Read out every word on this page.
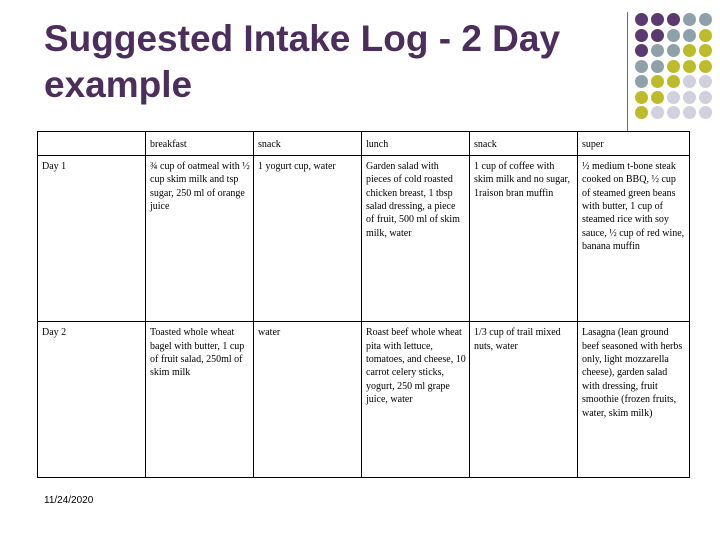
Suggested Intake Log - 2 Day example
	breakfast	snack	lunch	snack	super
Day 1	¾ cup of oatmeal with ½ cup skim milk and tsp sugar, 250 ml of orange juice	1 yogurt cup, water	Garden salad with pieces of cold roasted chicken breast, 1 tbsp salad dressing, a piece of fruit, 500 ml of skim milk, water	1 cup of coffee with skim milk and no sugar, 1raison bran muffin	½ medium t-bone steak cooked on BBQ, ½ cup of steamed green beans with butter, 1 cup of steamed rice with soy sauce, ½ cup of red wine, banana muffin
Day 2	Toasted whole wheat bagel with butter, 1 cup of fruit salad, 250ml of skim milk	water	Roast beef whole wheat pita with lettuce, tomatoes, and cheese, 10 carrot celery sticks, yogurt, 250 ml grape juice, water	1/3 cup of trail mixed nuts, water	Lasagna (lean ground beef seasoned with herbs only, light mozzarella cheese), garden salad with dressing, fruit smoothie (frozen fruits, water, skim milk)
11/24/2020
